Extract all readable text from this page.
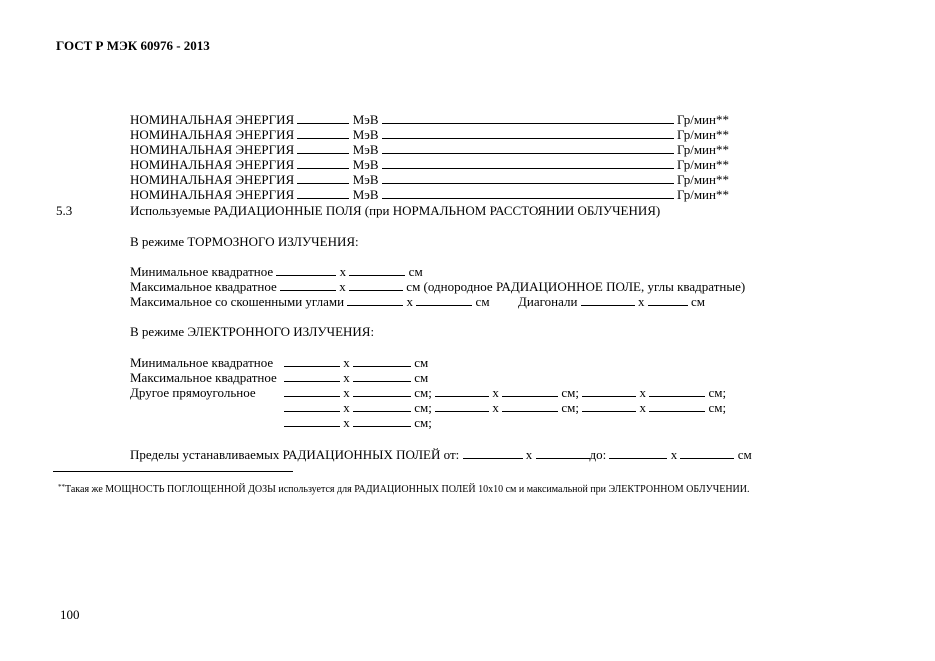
ГОСТ Р МЭК 60976 - 2013
НОМИНАЛЬНАЯ ЭНЕРГИЯ	МэВ	Гр/мин**
НОМИНАЛЬНАЯ ЭНЕРГИЯ	МэВ	Гр/мин**
НОМИНАЛЬНАЯ ЭНЕРГИЯ	МэВ	Гр/мин**
НОМИНАЛЬНАЯ ЭНЕРГИЯ	МэВ	Гр/мин**
НОМИНАЛЬНАЯ ЭНЕРГИЯ	МэВ	Гр/мин**
НОМИНАЛЬНАЯ ЭНЕРГИЯ	МэВ	Гр/мин**
5.3	Используемые РАДИАЦИОННЫЕ ПОЛЯ (при НОРМАЛЬНОМ РАССТОЯНИИ ОБЛУЧЕНИЯ)
В режиме ТОРМОЗНОГО ИЗЛУЧЕНИЯ:
Минимальное квадратное	х	см
Максимальное квадратное	х	см (однородное РАДИАЦИОННОЕ ПОЛЕ, углы квадратные)
Максимальное со скошенными углами	х	см Диагонали	х	см
В режиме ЭЛЕКТРОННОГО ИЗЛУЧЕНИЯ:
Минимальное квадратное	х	см
Максимальное квадратное	х	см
Другое прямоугольное	х	см;	х	см;	х	см;
х	см;	х	см;	х	см;
х	см;
Пределы устанавливаемых РАДИАЦИОННЫХ ПОЛЕЙ от:	х	до:	х	см
**Такая же МОЩНОСТЬ ПОГЛОЩЕННОЙ ДОЗЫ используется для РАДИАЦИОННЫХ ПОЛЕЙ 10х10 см и максимальной при ЭЛЕКТРОННОМ ОБЛУЧЕНИИ.
100
